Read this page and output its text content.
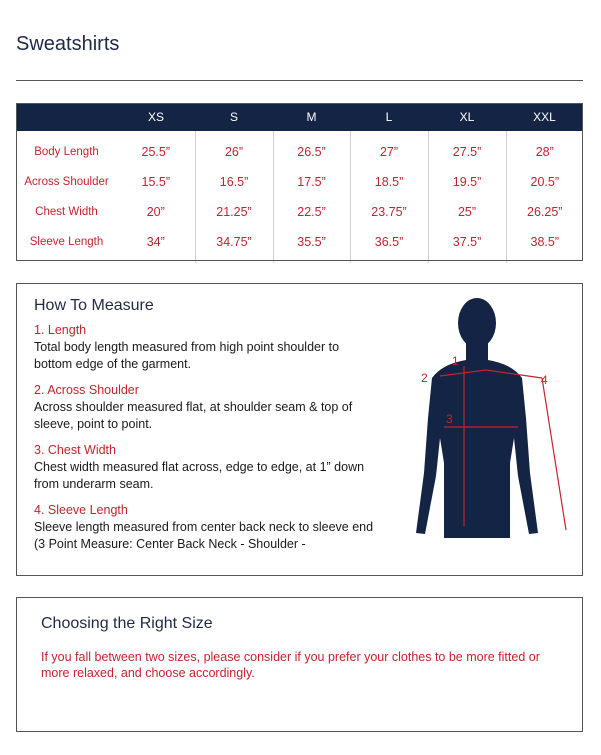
Sweatshirts
	XS	S	M	L	XL	XXL
Body Length	25.5”	26”	26.5”	27”	27.5”	28”
Across Shoulder	15.5”	16.5”	17.5”	18.5”	19.5”	20.5”
Chest Width	20”	21.25”	22.5”	23.75”	25”	26.25”
Sleeve Length	34”	34.75”	35.5”	36.5”	37.5”	38.5”
How To Measure
1. Length
Total body length measured from high point shoulder to bottom edge of the garment.
2. Across Shoulder
Across shoulder measured flat, at shoulder seam & top of sleeve, point to point.
3. Chest Width
Chest width measured flat across, edge to edge, at 1” down from underarm seam.
4. Sleeve Length
Sleeve length measured from center back neck to sleeve end (3 Point Measure: Center Back Neck - Shoulder -
1
2
3
4
Choosing the Right Size
If you fall between two sizes, please consider if you prefer your clothes to be more fitted or more relaxed, and choose accordingly.
